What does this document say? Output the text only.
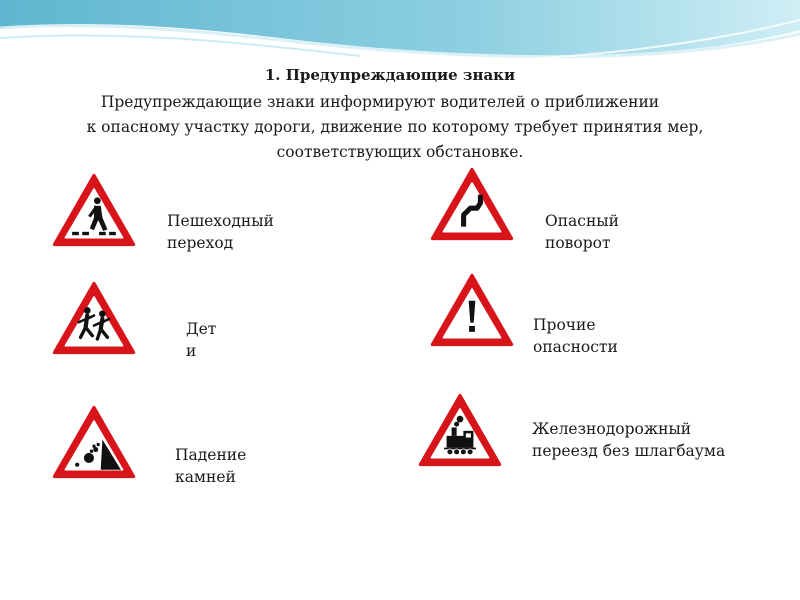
1. Предупреждающие знаки
Предупреждающие знаки информируют водителей о приближении
к опасному участку дороги, движение по которому требует принятия мер,
соответствующих обстановке.
Пешеходный
переход
Опасный
поворот
Дет
и
Прочие
опасности
Падение
камней
Железнодорожный
переезд без шлагбаума
